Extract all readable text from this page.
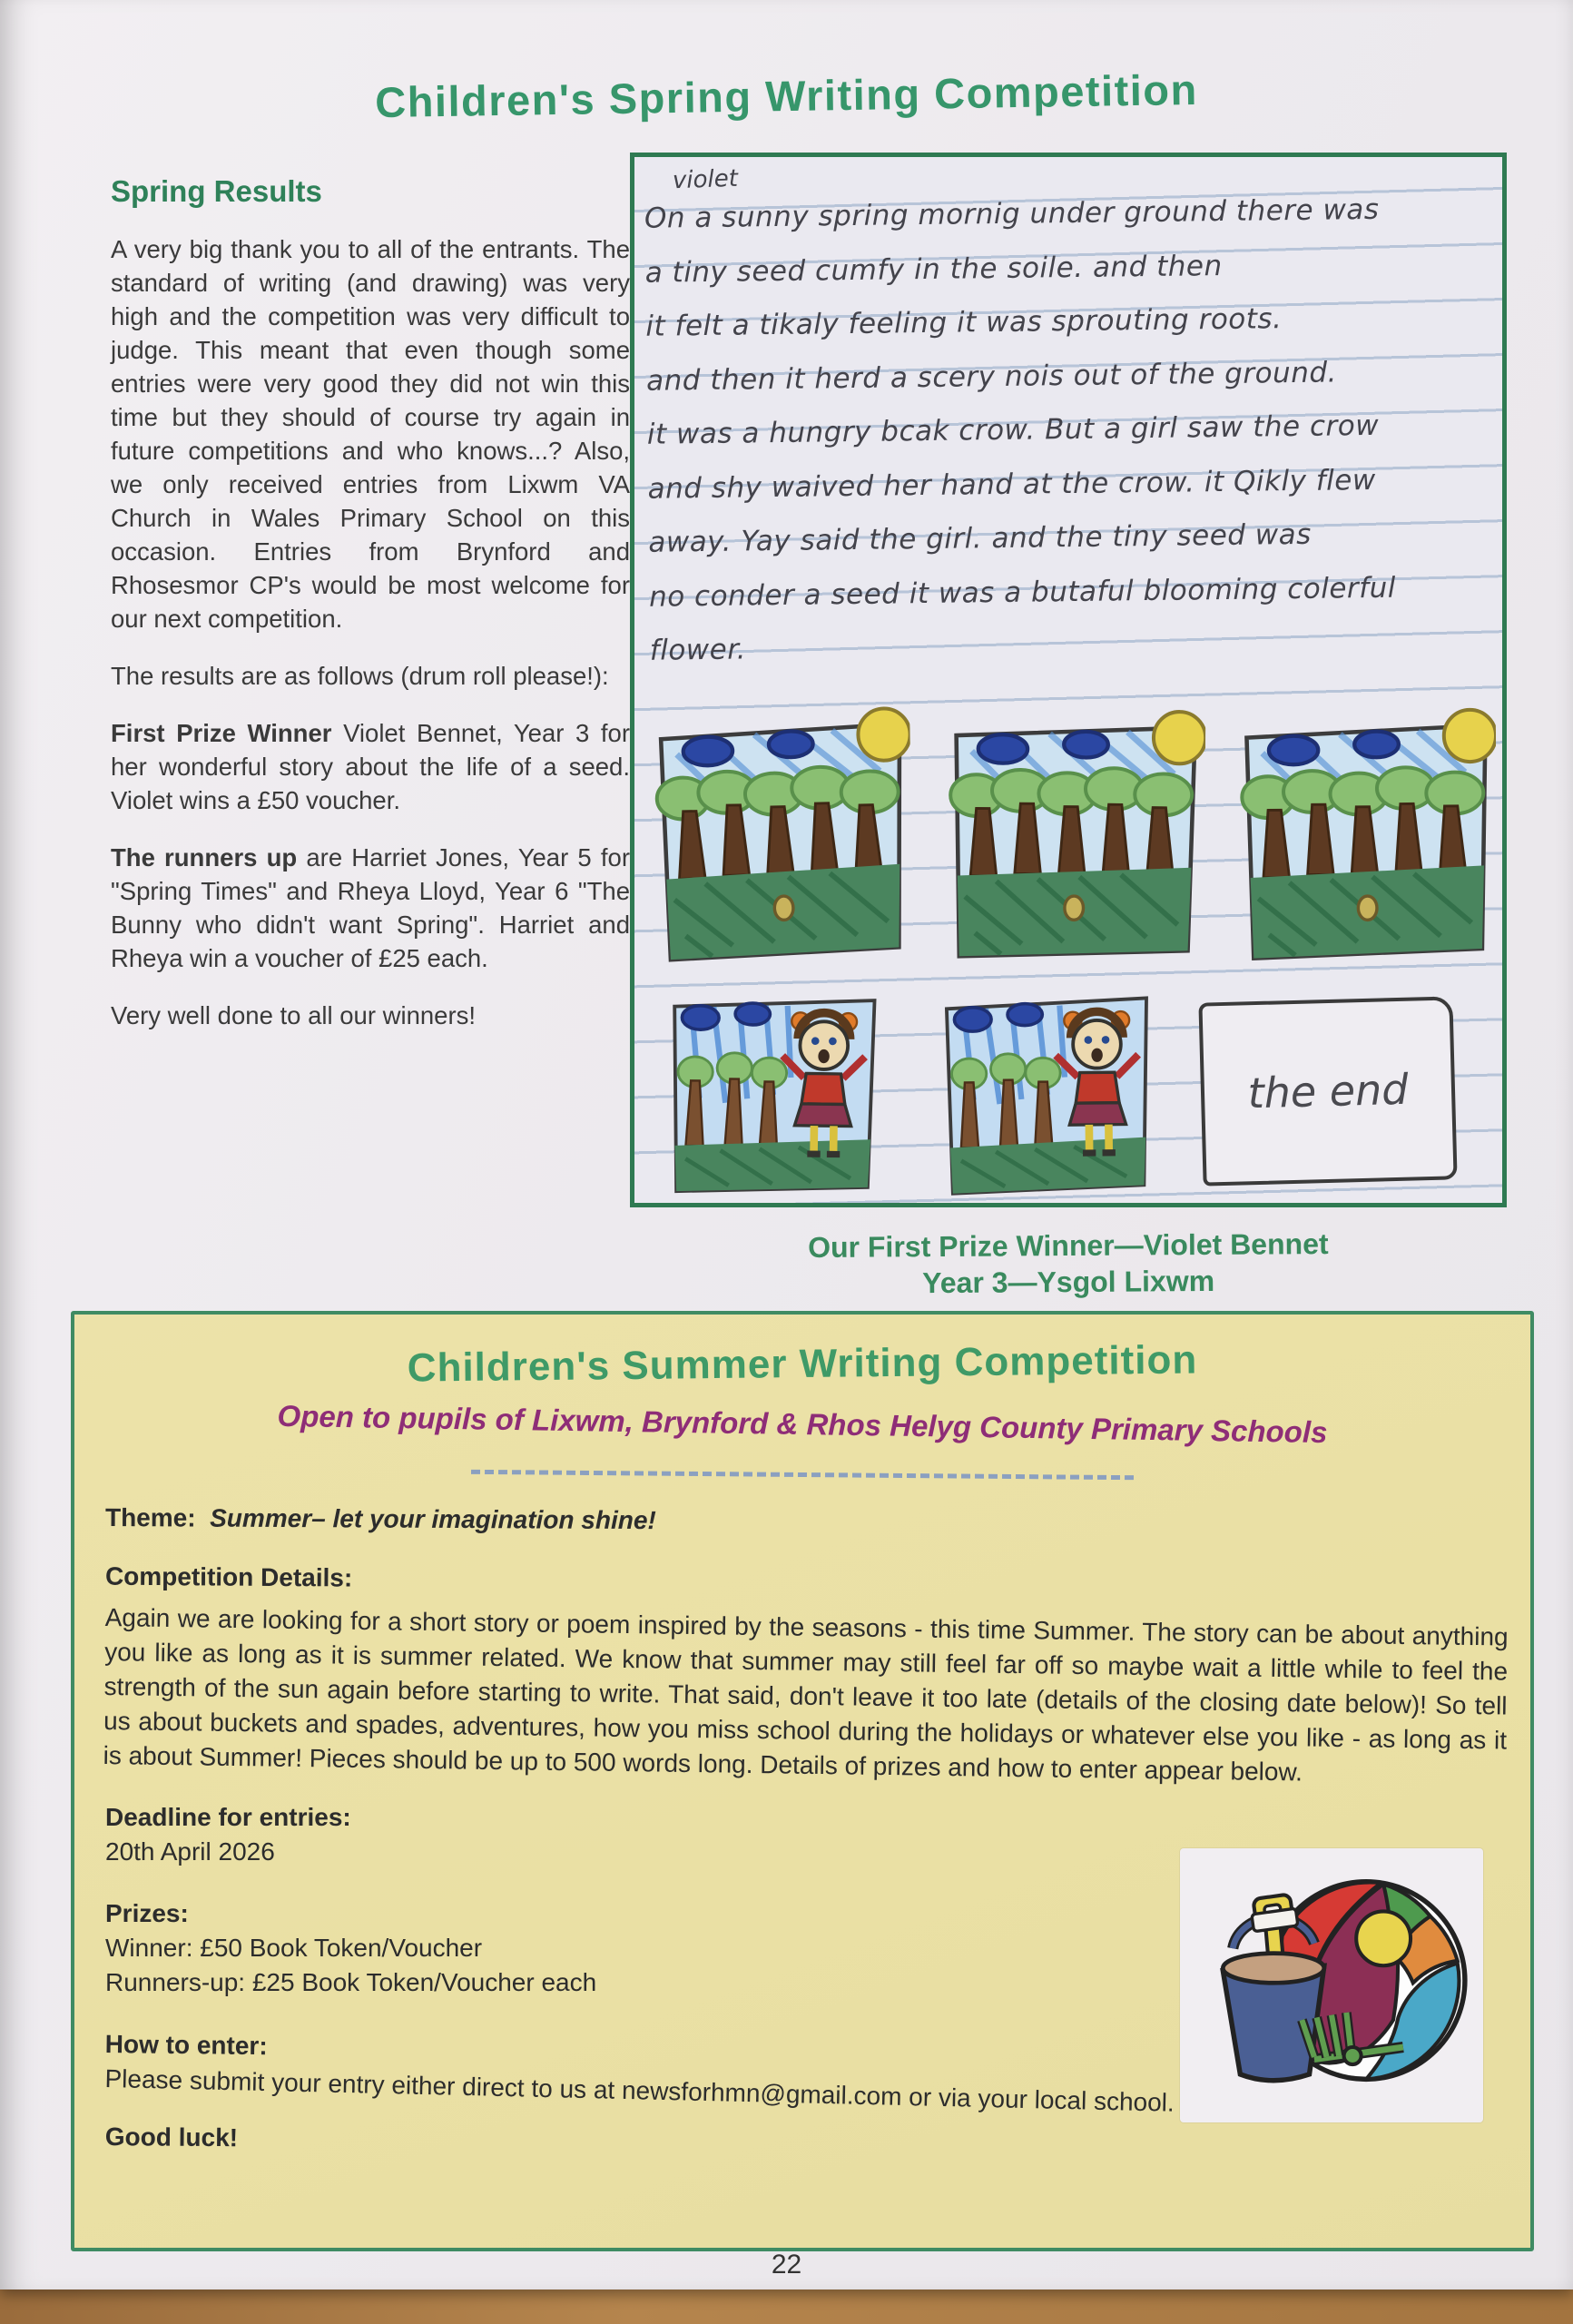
Children's Spring Writing Competition
Spring Results

A very big thank you to all of the entrants. The standard of writing (and drawing) was very high and the competition was very difficult to judge. This meant that even though some entries were very good they did not win this time but they should of course try again in future competitions and who knows...? Also, we only received entries from Lixwm VA Church in Wales Primary School on this occasion. Entries from Brynford and Rhosesmor CP's would be most welcome for our next competition.

The results are as follows (drum roll please!):

First Prize Winner Violet Bennet, Year 3 for her wonderful story about the life of a seed. Violet wins a £50 voucher.

The runners up are Harriet Jones, Year 5 for "Spring Times" and Rheya Lloyd, Year 6 "The Bunny who didn't want Spring". Harriet and Rheya win a voucher of £25 each.

Very well done to all our winners!

violet
On a sunny spring mornig under ground there was
a tiny seed cumfy in the soile. and then
it felt a tikaly feeling it was sprouting roots.
and then it herd a scery nois out of the ground.
it was a hungry bcak crow. But a girl saw the crow
and shy waived her hand at the crow. it Qikly flew
away. Yay said the girl. and the tiny seed was
no conder a seed it was a butaful blooming colerful
flower.
the end
Our First Prize Winner—Violet Bennet
Year 3—Ysgol Lixwm
Children's Summer Writing Competition
Open to pupils of Lixwm, Brynford & Rhos Helyg County Primary Schools
Theme: Summer– let your imagination shine!
Competition Details:
Again we are looking for a short story or poem inspired by the seasons - this time Summer. The story can be about anything you like as long as it is summer related. We know that summer may still feel far off so maybe wait a little while to feel the strength of the sun again before starting to write. That said, don't leave it too late (details of the closing date below)! So tell us about buckets and spades, adventures, how you miss school during the holidays or whatever else you like - as long as it is about Summer! Pieces should be up to 500 words long. Details of prizes and how to enter appear below.
Deadline for entries:
20th April 2026
Prizes:
Winner: £50 Book Token/Voucher
Runners-up: £25 Book Token/Voucher each
How to enter:
Please submit your entry either direct to us at newsforhmn@gmail.com or via your local school.
Good luck!
22
